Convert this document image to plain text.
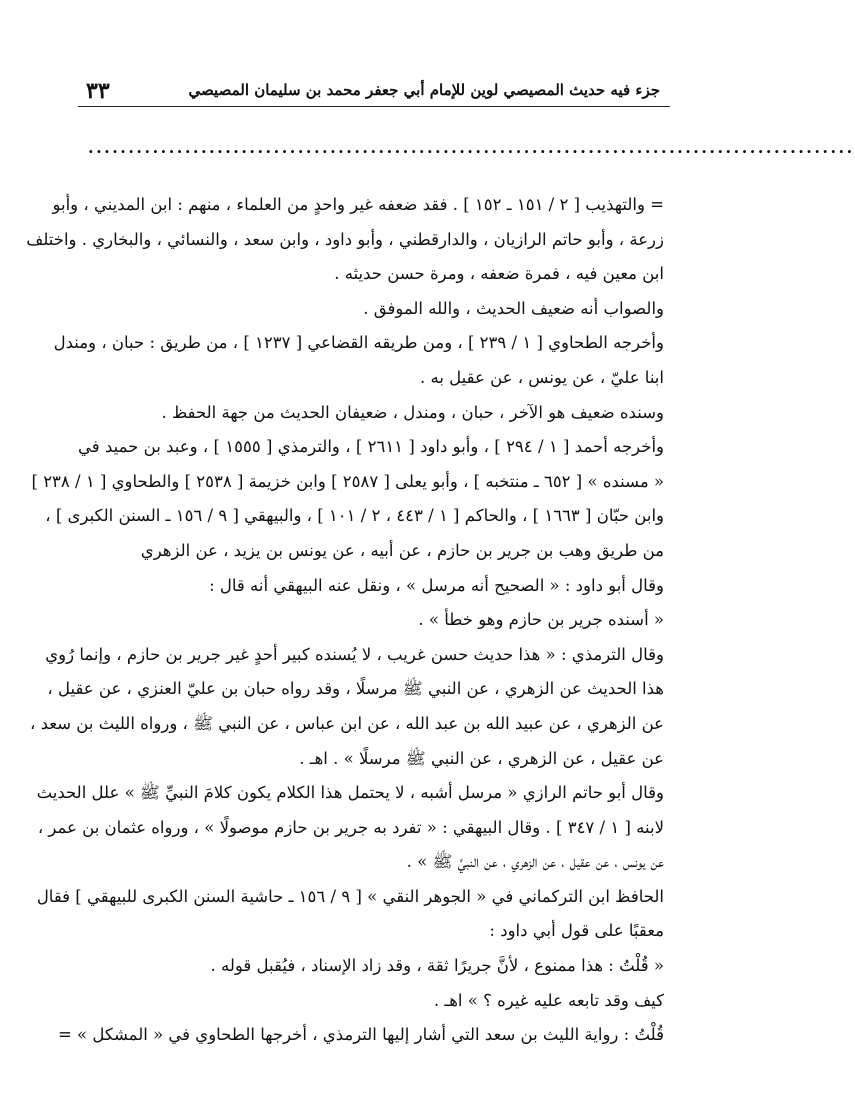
جزء فيه حديث المصيصي لوين للإمام أبي جعفر محمد بن سليمان المصيصي
٣٣
...............................................................................................
= والتهذيب [ ٢ / ١٥١ ـ ١٥٢ ] . فقد ضعفه غير واحدٍ من العلماء ، منهم : ابن المديني ، وأبو
زرعة ، وأبو حاتم الرازيان ، والدارقطني ، وأبو داود ، وابن سعد ، والنسائي ، والبخاري . واختلف
ابن معين فيه ، فمرة ضعفه ، ومرة حسن حديثه .
والصواب أنه ضعيف الحديث ، والله الموفق .
وأخرجه الطحاوي [ ١ / ٢٣٩ ] ، ومن طريقه القضاعي [ ١٢٣٧ ] ، من طريق : حبان ، ومندل
ابنا عليّ ، عن يونس ، عن عقيل به .
وسنده ضعيف هو الآخر ، حبان ، ومندل ، ضعيفان الحديث من جهة الحفظ .
وأخرجه أحمد [ ١ / ٢٩٤ ] ، وأبو داود [ ٢٦١١ ] ، والترمذي [ ١٥٥٥ ] ، وعبد بن حميد في
« مسنده » [ ٦٥٢ ـ منتخبه ] ، وأبو يعلى [ ٢٥٨٧ ] وابن خزيمة [ ٢٥٣٨ ] والطحاوي [ ١ / ٢٣٨ ]
وابن حبّان [ ١٦٦٣ ] ، والحاكم [ ١ / ٤٤٣ ، ٢ / ١٠١ ] ، والبيهقي [ ٩ / ١٥٦ ـ السنن الكبرى ] ،
من طريق وهب بن جرير بن حازم ، عن أبيه ، عن يونس بن يزيد ، عن الزهري
وقال أبو داود : « الصحيح أنه مرسل » ، ونقل عنه البيهقي أنه قال :
« أسنده جرير بن حازم وهو خطأ » .
وقال الترمذي : « هذا حديث حسن غريب ، لا يُسنده كبير أحدٍ غير جرير بن حازم ، وإنما رُوي
هذا الحديث عن الزهري ، عن النبي ﷺ مرسلًا ، وقد رواه حبان بن عليّ العنزي ، عن عقيل ،
عن الزهري ، عن عبيد الله بن عبد الله ، عن ابن عباس ، عن النبي ﷺ ، ورواه الليث بن سعد ،
عن عقيل ، عن الزهري ، عن النبي ﷺ مرسلًا » . اهـ .
وقال أبو حاتم الرازي « مرسل أشبه ، لا يحتمل هذا الكلام يكون كلامَ النبيِّ ﷺ » علل الحديث
لابنه [ ١ / ٣٤٧ ] . وقال البيهقي : « تفرد به جرير بن حازم موصولًا » ، ورواه عثمان بن عمر ،
عن يونس ، عن عقيل ، عن الزهري ، عن النبيِّ ﷺ » .
الحافظ ابن التركماني في « الجوهر النقي » [ ٩ / ١٥٦ ـ حاشية السنن الكبرى للبيهقي ] فقال
معقبًا على قول أبي داود :
« قُلْتُ : هذا ممنوع ، لأنَّ جريرًا ثقة ، وقد زاد الإسناد ، فيُقبل قوله .
كيف وقد تابعه عليه غيره ؟ » اهـ .
قُلْتُ : رواية الليث بن سعد التي أشار إليها الترمذي ، أخرجها الطحاوي في « المشكل » =
